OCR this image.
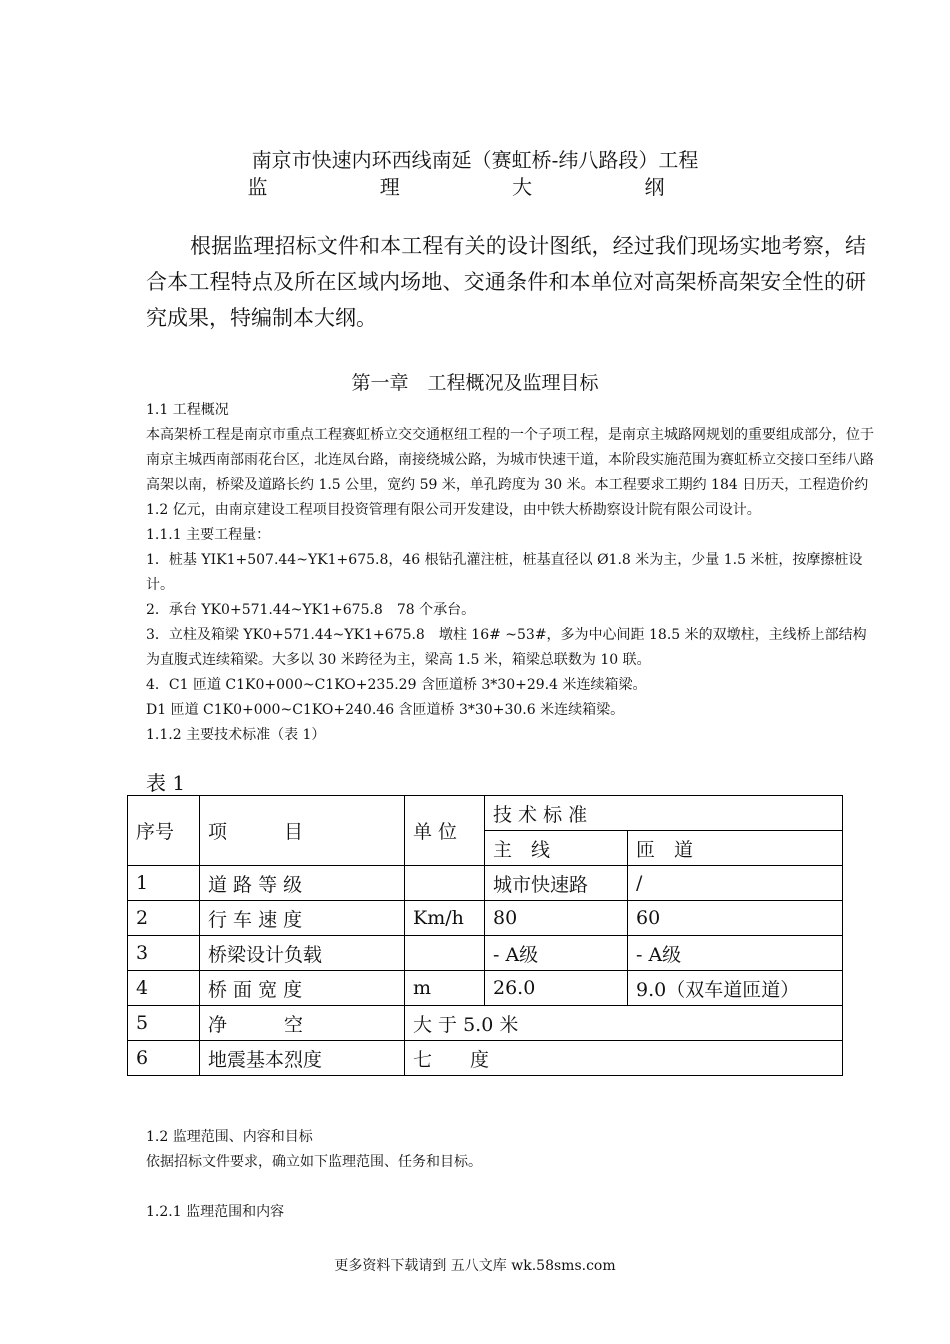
南京市快速内环西线南延（赛虹桥-纬八路段）工程
监 理 大 纲

根据监理招标文件和本工程有关的设计图纸，经过我们现场实地考察，结合本工程特点及所在区域内场地、交通条件和本单位对高架桥高架安全性的研究成果，特编制本大纲。

第一章　工程概况及监理目标

1.1 工程概况

本高架桥工程是南京市重点工程赛虹桥立交交通枢纽工程的一个子项工程，是南京主城路网规划的重要组成部分，位于南京主城西南部雨花台区，北连凤台路，南接绕城公路，为城市快速干道，本阶段实施范围为赛虹桥立交接口至纬八路高架以南，桥梁及道路长约 1.5 公里，宽约 59 米，单孔跨度为 30 米。本工程要求工期约 184 日历天，工程造价约 1.2 亿元，由南京建设工程项目投资管理有限公司开发建设，由中铁大桥勘察设计院有限公司设计。

1.1.1 主要工程量：

1．桩基 YIK1+507.44~YK1+675.8，46 根钻孔灌注桩，桩基直径以 Ø1.8 米为主，少量 1.5 米桩，按摩擦桩设计。

2．承台 YK0+571.44~YK1+675.8　78 个承台。

3．立柱及箱梁 YK0+571.44~YK1+675.8　墩柱 16# ~53#，多为中心间距 18.5 米的双墩柱，主线桥上部结构为直腹式连续箱梁。大多以 30 米跨径为主，梁高 1.5 米，箱梁总联数为 10 联。

4．C1 匝道 C1K0+000~C1KO+235.29 含匝道桥 3*30+29.4 米连续箱梁。

D1 匝道 C1K0+000~C1KO+240.46 含匝道桥 3*30+30.6 米连续箱梁。

1.1.2 主要技术标准（表 1）

表 1
序号	项　　　目	单 位	技 术 标 准	
			主　线	匝　道
1	道 路 等 级		城市快速路	/
2	行 车 速 度	Km/h	80	60
3	桥梁设计负载		- A级	- A级
4	桥 面 宽 度	m	26.0	9.0（双车道匝道）
5	净　　　空	大 于 5.0 米		
6	地震基本烈度	七　　度		

1.2 监理范围、内容和目标

依据招标文件要求，确立如下监理范围、任务和目标。

1.2.1 监理范围和内容

更多资料下载请到 五八文库 wk.58sms.com
